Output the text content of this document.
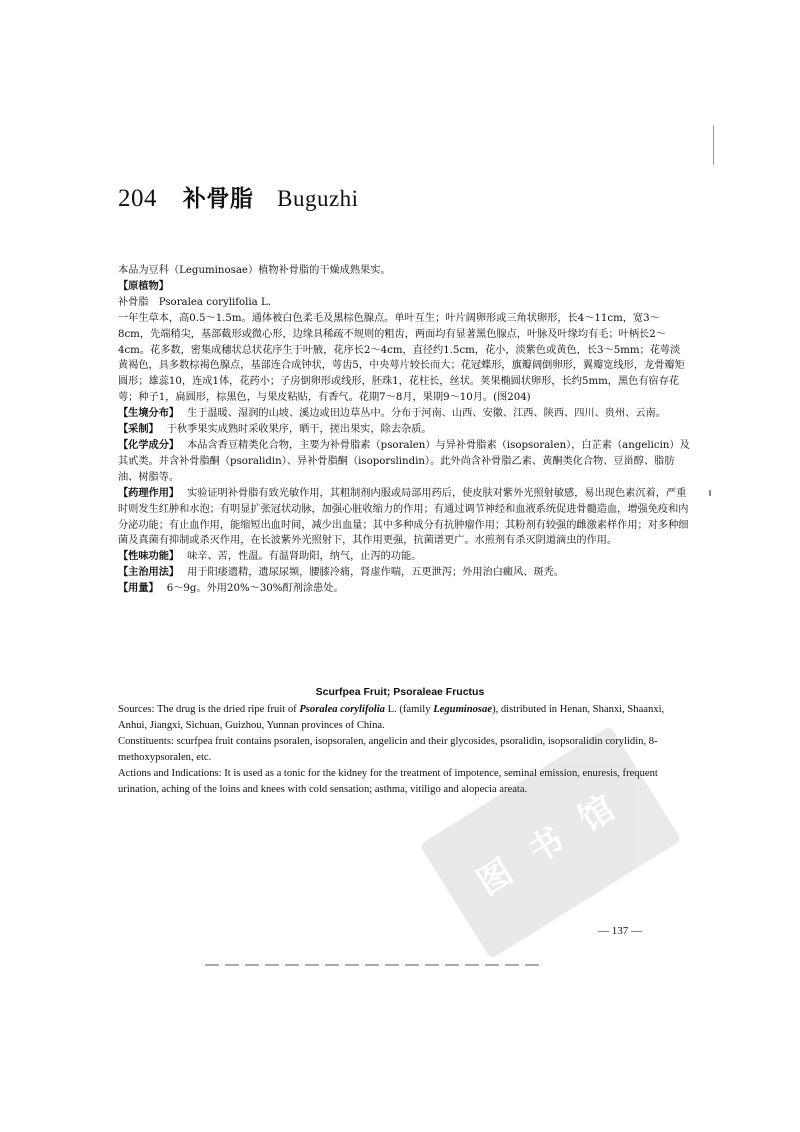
204 补骨脂 Buguzhi

本品为豆科（Leguminosae）植物补骨脂的干燥成熟果实。

【原植物】

补骨脂　Psoralea corylifolia L.

一年生草本，高0.5～1.5m。通体被白色柔毛及黑棕色腺点。单叶互生；叶片阔卵形或三角状卵形，长4～11cm，宽3～8cm，先端稍尖，基部截形或微心形，边缘具稀疏不规则的粗齿，两面均有显著黑色腺点，叶脉及叶缘均有毛；叶柄长2～4cm。花多数，密集成穗状总状花序生于叶腋，花序长2～4cm，直径约1.5cm，花小，淡紫色或黄色，长3～5mm；花萼淡黄褐色，具多数棕褐色腺点，基部连合成钟状，萼齿5，中央萼片较长而大；花冠蝶形，旗瓣阔倒卵形，翼瓣宽线形，龙骨瓣矩圆形；雄蕊10，连成1体，花药小；子房倒卵形或线形，胚珠1，花柱长，丝状。荚果椭圆状卵形，长约5mm，黑色有宿存花萼；种子1，扁圆形，棕黑色，与果皮粘贴，有香气。花期7～8月，果期9～10月。(图204)

【生境分布】 生于温暖、湿润的山坡、溪边或田边草丛中。分布于河南、山西、安徽、江西、陕西、四川、贵州、云南。

【采制】 于秋季果实成熟时采收果序，晒干，搓出果实，除去杂质。

【化学成分】 本品含香豆精类化合物，主要为补骨脂素（psoralen）与异补骨脂素（isopsoralen），白芷素（angelicin）及其甙类。并含补骨脂酮（psoralidin）、异补骨脂酮（isoporslindin）。此外尚含补骨脂乙素、黄酮类化合物、豆甾醇、脂肪油、树脂等。

【药理作用】 实验证明补骨脂有致光敏作用，其粗制剂内服或局部用药后，使皮肤对紫外光照射敏感，易出现色素沉着，严重时则发生红肿和水泡；有明显扩张冠状动脉，加强心脏收缩力的作用；有通过调节神经和血液系统促进骨髓造血，增强免疫和内分泌功能；有止血作用，能缩短出血时间，减少出血量；其中多种成分有抗肿瘤作用；其粉剂有较强的雌激素样作用；对多种细菌及真菌有抑制或杀灭作用，在长波紫外光照射下，其作用更强，抗菌谱更广。水煎剂有杀灭阴道滴虫的作用。

【性味功能】 味辛、苦，性温。有温肾助阳，纳气，止泻的功能。

【主治用法】 用于阳痿遗精，遗尿尿频，腰膝冷痛，肾虚作喘，五更泄泻；外用治白癜风、斑秃。

【用量】 6～9g。外用20%～30%酊剂涂患处。

Scurfpea Fruit; Psoraleae Fructus

Sources: The drug is the dried ripe fruit of Psoralea corylifolia L. (family Leguminosae), distributed in Henan, Shanxi, Shaanxi, Anhui, Jiangxi, Sichuan, Guizhou, Yunnan provinces of China.

Constituents: scurfpea fruit contains psoralen, isopsoralen, angelicin and their glycosides, psoralidin, isopsoralidin corylidin, 8-methoxypsoralen, etc.

Actions and Indications: It is used as a tonic for the kidney for the treatment of impotence, seminal emission, enuresis, frequent urination, aching of the loins and knees with cold sensation; asthma, vitiligo and alopecia areata.

图
书
馆
— 137 —
